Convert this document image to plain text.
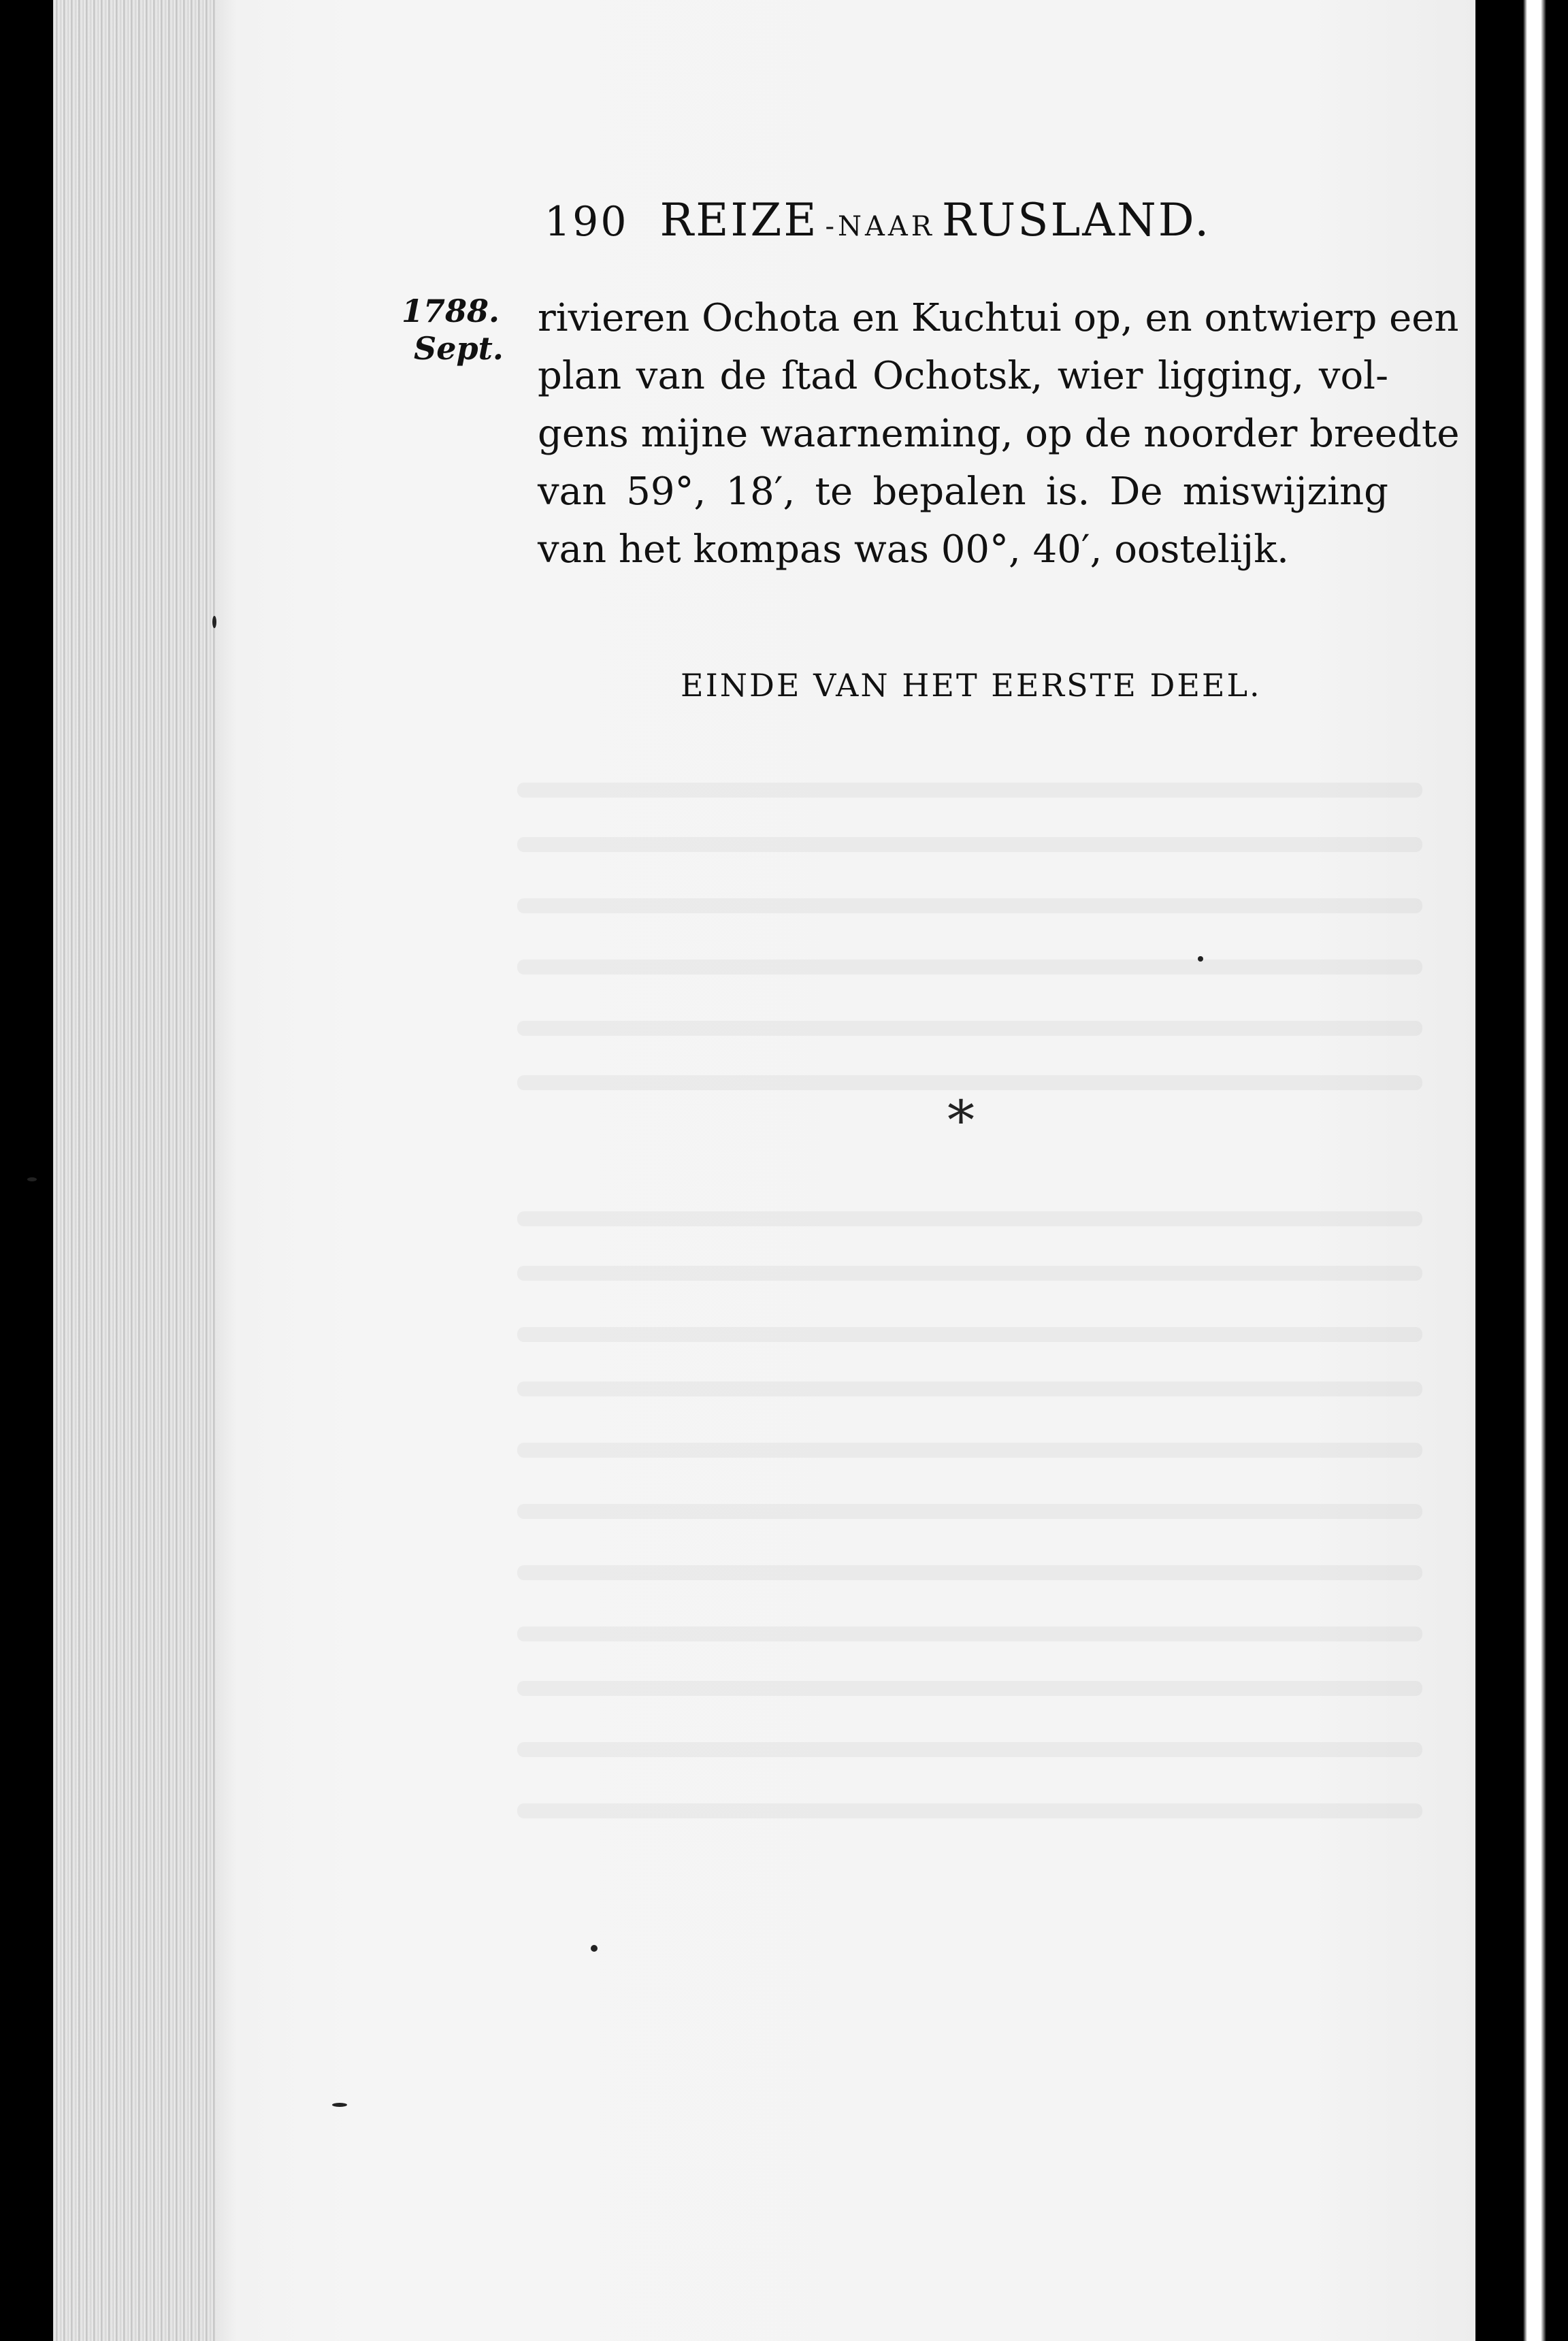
190 REIZE -NAAR RUSLAND.
1788.
Sept.
rivieren Ochota en Kuchtui op, en ontwierp een
plan van de ſtad Ochotsk, wier ligging, vol-
gens mijne waarneming, op de noorder breedte
van 59°, 18′, te bepalen is. De miswijzing
van het kompas was 00°, 40′, oostelijk.
EINDE VAN HET EERSTE DEEL.
*
